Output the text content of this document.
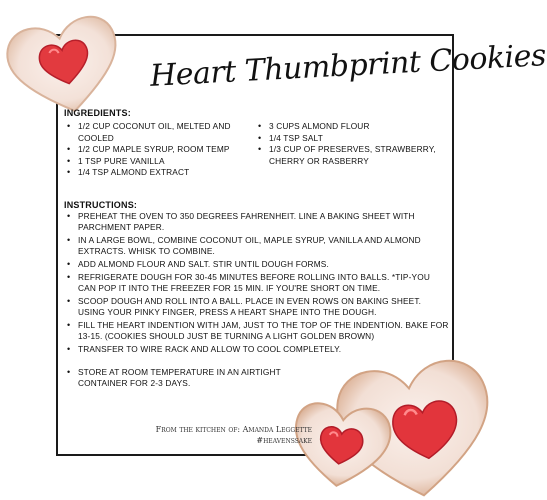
Heart Thumbprint Cookies
INGREDIENTS:
• 1/2 CUP COCONUT OIL, MELTED AND COOLED
• 1/2 CUP MAPLE SYRUP, ROOM TEMP
• 1 TSP PURE VANILLA
• 1/4 TSP ALMOND EXTRACT
• 3 CUPS ALMOND FLOUR
• 1/4 TSP SALT
• 1/3 CUP OF PRESERVES, STRAWBERRY, CHERRY OR RASBERRY
INSTRUCTIONS:
• PREHEAT THE OVEN TO 350 DEGREES FAHRENHEIT. LINE A BAKING SHEET WITH PARCHMENT PAPER.
• IN A LARGE BOWL, COMBINE COCONUT OIL, MAPLE SYRUP, VANILLA AND ALMOND EXTRACTS. WHISK TO COMBINE.
• ADD ALMOND FLOUR AND SALT. STIR UNTIL DOUGH FORMS.
• REFRIGERATE DOUGH FOR 30-45 MINUTES BEFORE ROLLING INTO BALLS. *TIP-YOU CAN POP IT INTO THE FREEZER FOR 15 MIN. IF YOU'RE SHORT ON TIME.
• SCOOP DOUGH AND ROLL INTO A BALL. PLACE IN EVEN ROWS ON BAKING SHEET. USING YOUR PINKY FINGER, PRESS A HEART SHAPE INTO THE DOUGH.
• FILL THE HEART INDENTION WITH JAM, JUST TO THE TOP OF THE INDENTION. BAKE FOR 13-15. (COOKIES SHOULD JUST BE TURNING A LIGHT GOLDEN BROWN)
• TRANSFER TO WIRE RACK AND ALLOW TO COOL COMPLETELY.
• STORE AT ROOM TEMPERATURE IN AN AIRTIGHT CONTAINER FOR 2-3 DAYS.
From the kitchen of: Amanda Leggette
#heavenssake
